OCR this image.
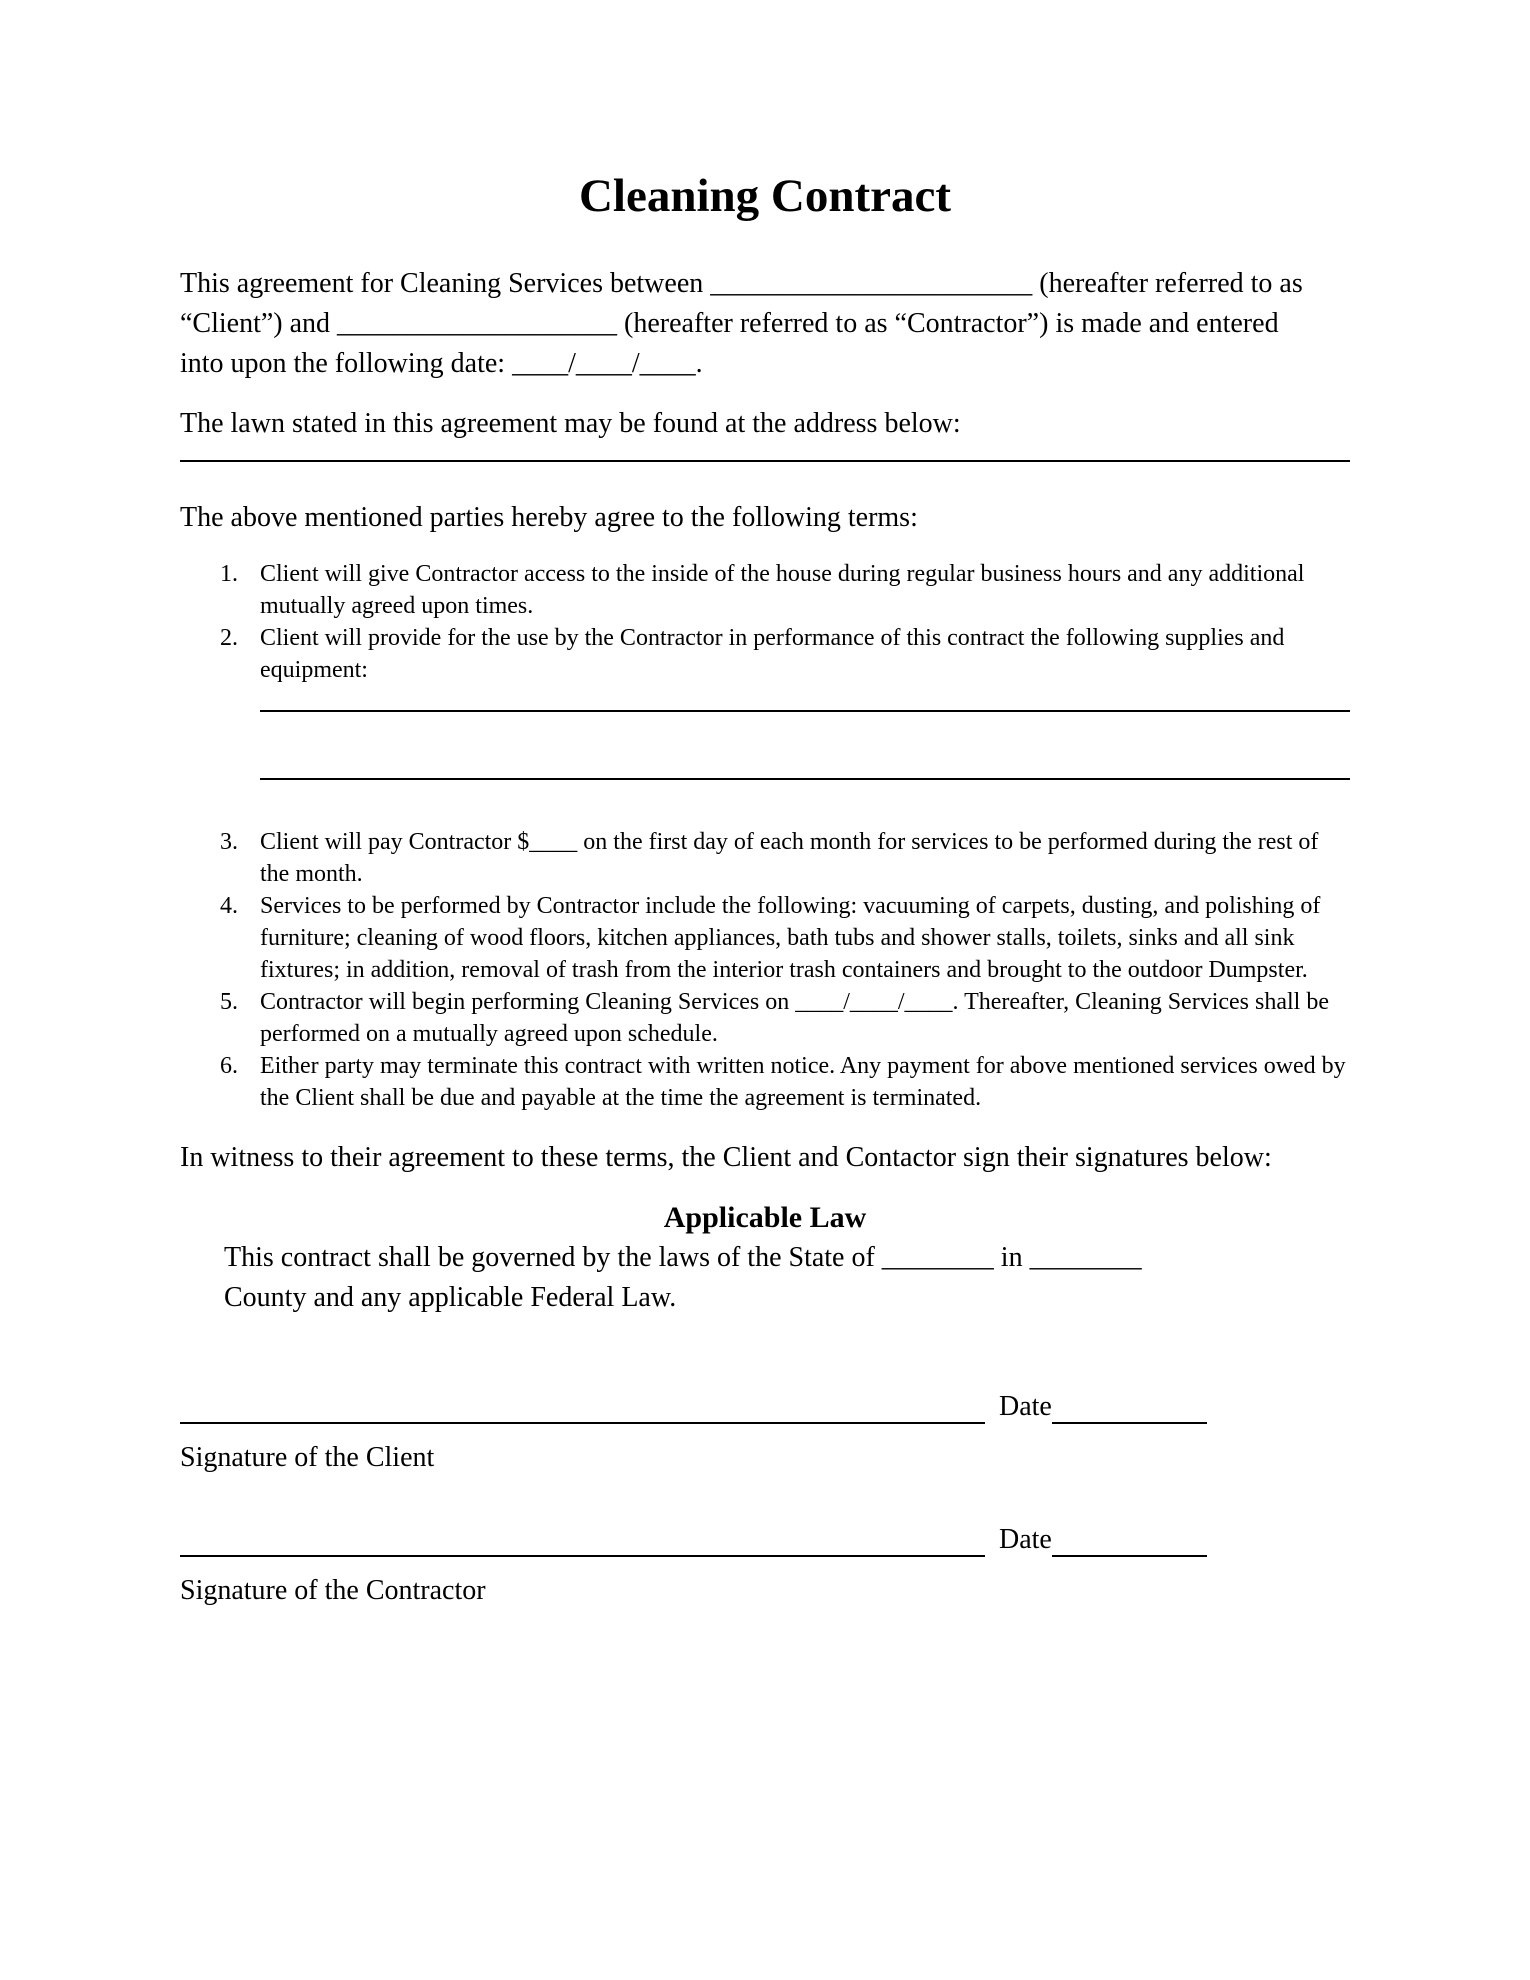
Cleaning Contract
This agreement for Cleaning Services between _______________________ (hereafter referred to as
“Client”) and ____________________ (hereafter referred to as “Contractor”) is made and entered
into upon the following date: ____/____/____.
The lawn stated in this agreement may be found at the address below:
The above mentioned parties hereby agree to the following terms:
1. Client will give Contractor access to the inside of the house during regular business hours and any additional mutually agreed upon times.
2. Client will provide for the use by the Contractor in performance of this contract the following supplies and equipment:
3. Client will pay Contractor $____ on the first day of each month for services to be performed during the rest of the month.
4. Services to be performed by Contractor include the following: vacuuming of carpets, dusting, and polishing of furniture; cleaning of wood floors, kitchen appliances, bath tubs and shower stalls, toilets, sinks and all sink fixtures; in addition, removal of trash from the interior trash containers and brought to the outdoor Dumpster.
5. Contractor will begin performing Cleaning Services on ____/____/____. Thereafter, Cleaning Services shall be performed on a mutually agreed upon schedule.
6. Either party may terminate this contract with written notice. Any payment for above mentioned services owed by the Client shall be due and payable at the time the agreement is terminated.
In witness to their agreement to these terms, the Client and Contactor sign their signatures below:
Applicable Law
This contract shall be governed by the laws of the State of ________ in ________
County and any applicable Federal Law.
Date
Signature of the Client
Date
Signature of the Contractor
